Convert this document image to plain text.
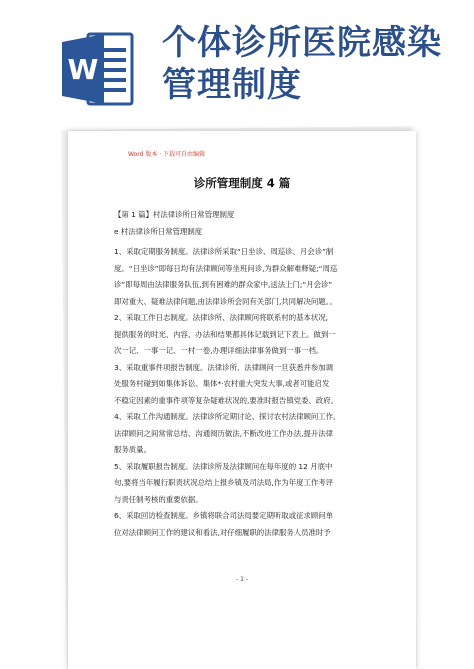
W
个体诊所医院感染
管理制度
Word 版本 · 下载可自由编辑
诊所管理制度 4 篇
【第 1 篇】村法律诊所日常管理制度
e 村法律诊所日常管理制度
1、采取定期服务制度。法律诊所采取“日坐诊、周巡诊、月会诊”制
度。“日坐诊”即每日均有法律顾问等坐班问诊,为群众解难释疑;“周巡
诊”即每周由法律服务队伍,到有困难的群众家中,送法上门;“月会诊”
即对重大、疑难法律问题,由法律诊所会同有关部门,共同解决问题。。
2、采取工作日志制度。法律诊所、法律顾问将联系村的基本状况,
提供服务的时光、内容、办法和结果都具体记载到记下表上。做到一
次一记、一事一记、一村一卷,办理详细法律事务做到一事一档。
3、采取重事件项报告制度。法律诊所、法律顾问一旦获悉并参加调
处服务村碰到如集体诉讼、集体*·农村重大突发大事,或者可能启发
不稳定因素的重事件项等复杂疑难状况的,要准时报告镇党委、政府。
4、采取工作沟通制度。法律诊所定期讨论、探讨农村法律顾问工作,
法律顾问之间常常总结、沟通阅历做法,不断改进工作办法,提升法律
服务质量。
5、采取履职报告制度。法律诊所及法律顾问在每年度的 12 月底中
旬,要将当年履行职责状况总结上报乡镇及司法局,作为年度工作考评
与责任制考核的重要依据。
6、采取回访检查制度。乡镇将联合司法局要定期听取或征求顾问单
位对法律顾问工作的建议和看法,对仔细履职的法律服务人员准时予
- 1 -
